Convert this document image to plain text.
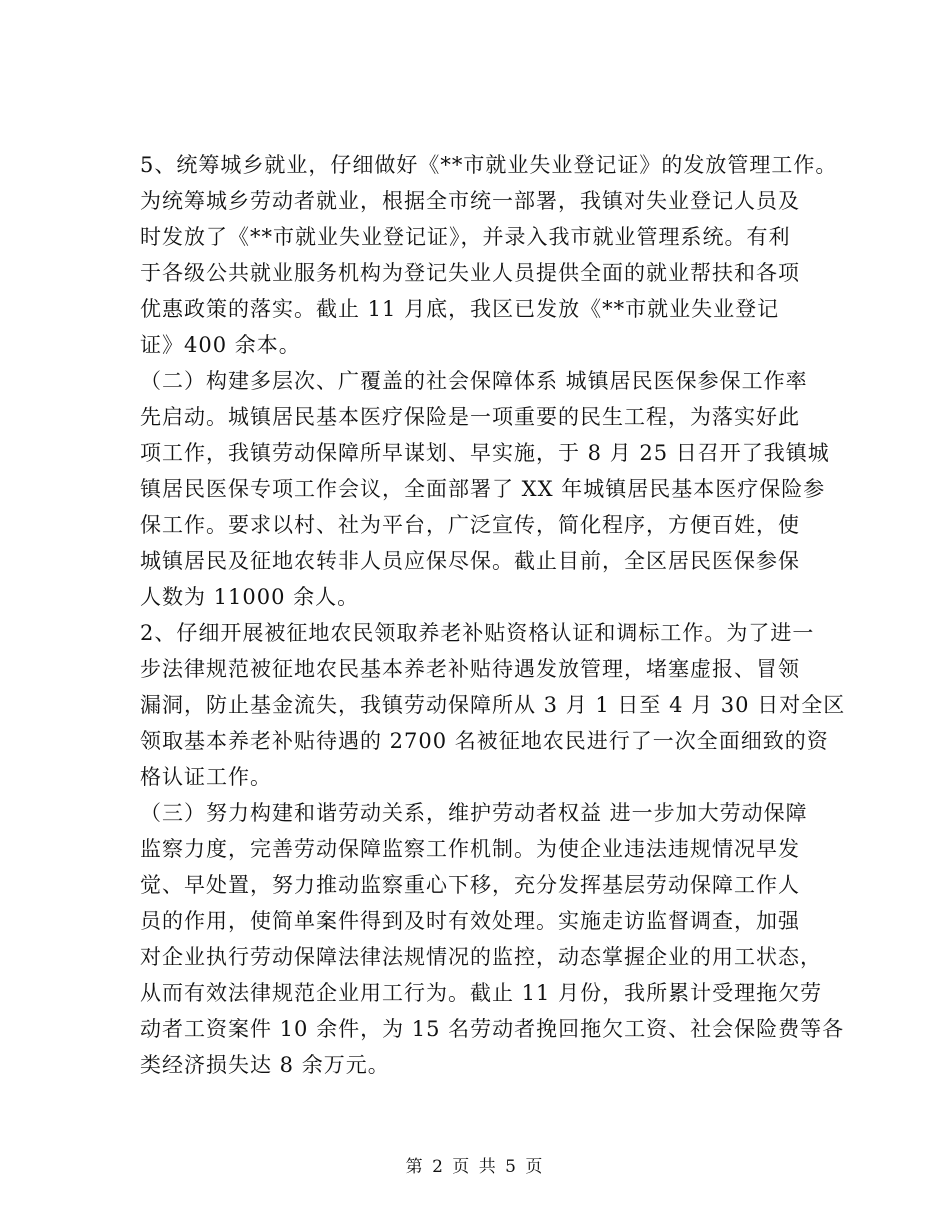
5、统筹城乡就业，仔细做好《**市就业失业登记证》的发放管理工作。
为统筹城乡劳动者就业，根据全市统一部署，我镇对失业登记人员及
时发放了《**市就业失业登记证》，并录入我市就业管理系统。有利
于各级公共就业服务机构为登记失业人员提供全面的就业帮扶和各项
优惠政策的落实。截止 11 月底，我区已发放《**市就业失业登记
证》400 余本。
（二）构建多层次、广覆盖的社会保障体系 城镇居民医保参保工作率
先启动。城镇居民基本医疗保险是一项重要的民生工程，为落实好此
项工作，我镇劳动保障所早谋划、早实施，于 8 月 25 日召开了我镇城
镇居民医保专项工作会议，全面部署了 XX 年城镇居民基本医疗保险参
保工作。要求以村、社为平台，广泛宣传，简化程序，方便百姓，使
城镇居民及征地农转非人员应保尽保。截止目前，全区居民医保参保
人数为 11000 余人。
2、仔细开展被征地农民领取养老补贴资格认证和调标工作。为了进一
步法律规范被征地农民基本养老补贴待遇发放管理，堵塞虚报、冒领
漏洞，防止基金流失，我镇劳动保障所从 3 月 1 日至 4 月 30 日对全区
领取基本养老补贴待遇的 2700 名被征地农民进行了一次全面细致的资
格认证工作。
（三）努力构建和谐劳动关系，维护劳动者权益 进一步加大劳动保障
监察力度，完善劳动保障监察工作机制。为使企业违法违规情况早发
觉、早处置，努力推动监察重心下移，充分发挥基层劳动保障工作人
员的作用，使简单案件得到及时有效处理。实施走访监督调查，加强
对企业执行劳动保障法律法规情况的监控，动态掌握企业的用工状态，
从而有效法律规范企业用工行为。截止 11 月份，我所累计受理拖欠劳
动者工资案件 10 余件，为 15 名劳动者挽回拖欠工资、社会保险费等各
类经济损失达 8 余万元。
第 2 页 共 5 页
